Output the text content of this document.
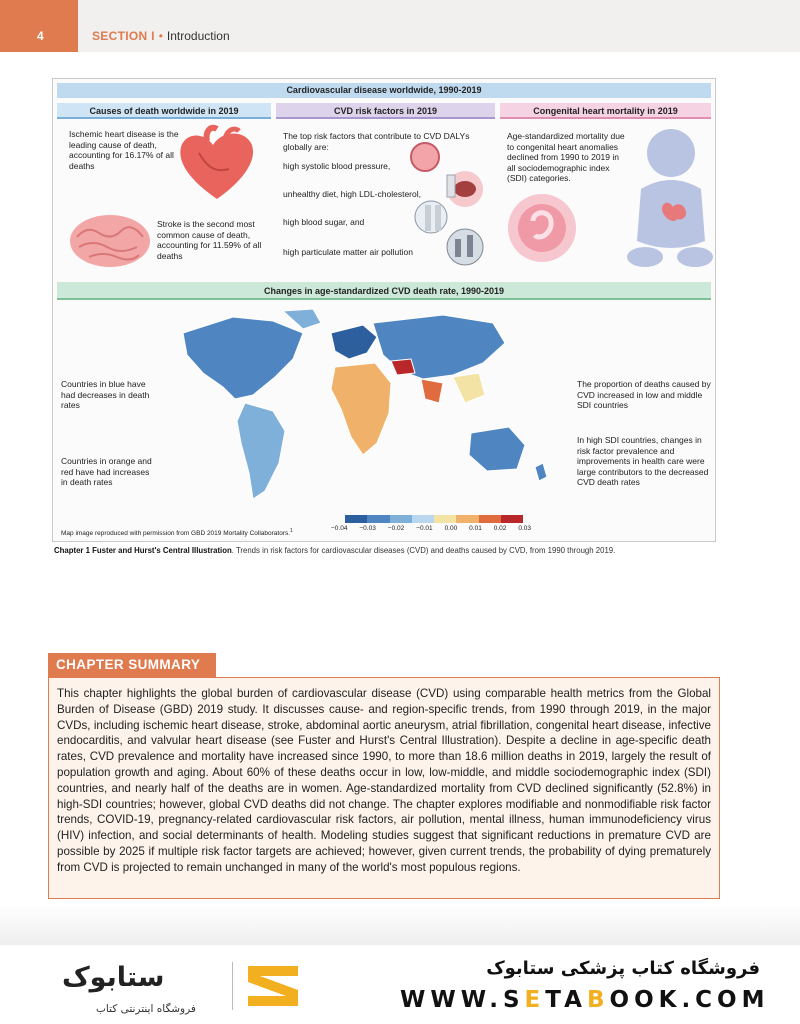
4	SECTION I • Introduction
Cardiovascular disease worldwide, 1990-2019
Causes of death worldwide in 2019	CVD risk factors in 2019	Congenital heart mortality in 2019
Ischemic heart disease is the leading cause of death, accounting for 16.17% of all deaths
Stroke is the second most common cause of death, accounting for 11.59% of all deaths
The top risk factors that contribute to CVD DALYs globally are:
high systolic blood pressure,
unhealthy diet, high LDL-cholesterol,
high blood sugar, and
high particulate matter air pollution
Age-standardized mortality due to congenital heart anomalies declined from 1990 to 2019 in all sociodemographic index (SDI) categories.
Changes in age-standardized CVD death rate, 1990-2019
Countries in blue have had decreases in death rates
Countries in orange and red have had increases in death rates
The proportion of deaths caused by CVD increased in low and middle SDI countries
In high SDI countries, changes in risk factor prevalence and improvements in health care were large contributors to the decreased CVD death rates
−0.04 −0.03 −0.02 −0.01 0.00 0.01 0.02 0.03
Map image reproduced with permission from GBD 2019 Mortality Collaborators.$^1$
Chapter 1 Fuster and Hurst's Central Illustration. Trends in risk factors for cardiovascular diseases (CVD) and deaths caused by CVD, from 1990 through 2019.
CHAPTER SUMMARY
This chapter highlights the global burden of cardiovascular disease (CVD) using comparable health metrics from the Global Burden of Disease (GBD) 2019 study. It discusses cause- and region-specific trends, from 1990 through 2019, in the major CVDs, including ischemic heart disease, stroke, abdominal aortic aneurysm, atrial fibrillation, congenital heart disease, infective endocarditis, and valvular heart disease (see Fuster and Hurst's Central Illustration). Despite a decline in age-specific death rates, CVD prevalence and mortality have increased since 1990, to more than 18.6 million deaths in 2019, largely the result of population growth and aging. About 60% of these deaths occur in low, low-middle, and middle sociodemographic index (SDI) countries, and nearly half of the deaths are in women. Age-standardized mortality from CVD declined significantly (52.8%) in high-SDI countries; however, global CVD deaths did not change. The chapter explores modifiable and nonmodifiable risk factor trends, COVID-19, pregnancy-related cardiovascular risk factors, air pollution, mental illness, human immunodeficiency virus (HIV) infection, and social determinants of health. Modeling studies suggest that significant reductions in premature CVD are possible by 2025 if multiple risk factor targets are achieved; however, given current trends, the probability of dying prematurely from CVD is projected to remain unchanged in many of the world's most populous regions.
ستابوک
فروشگاه اینترنتی کتاب
فروشگاه کتاب پزشکی ستابوک
WWW.SETABOOK.COM
